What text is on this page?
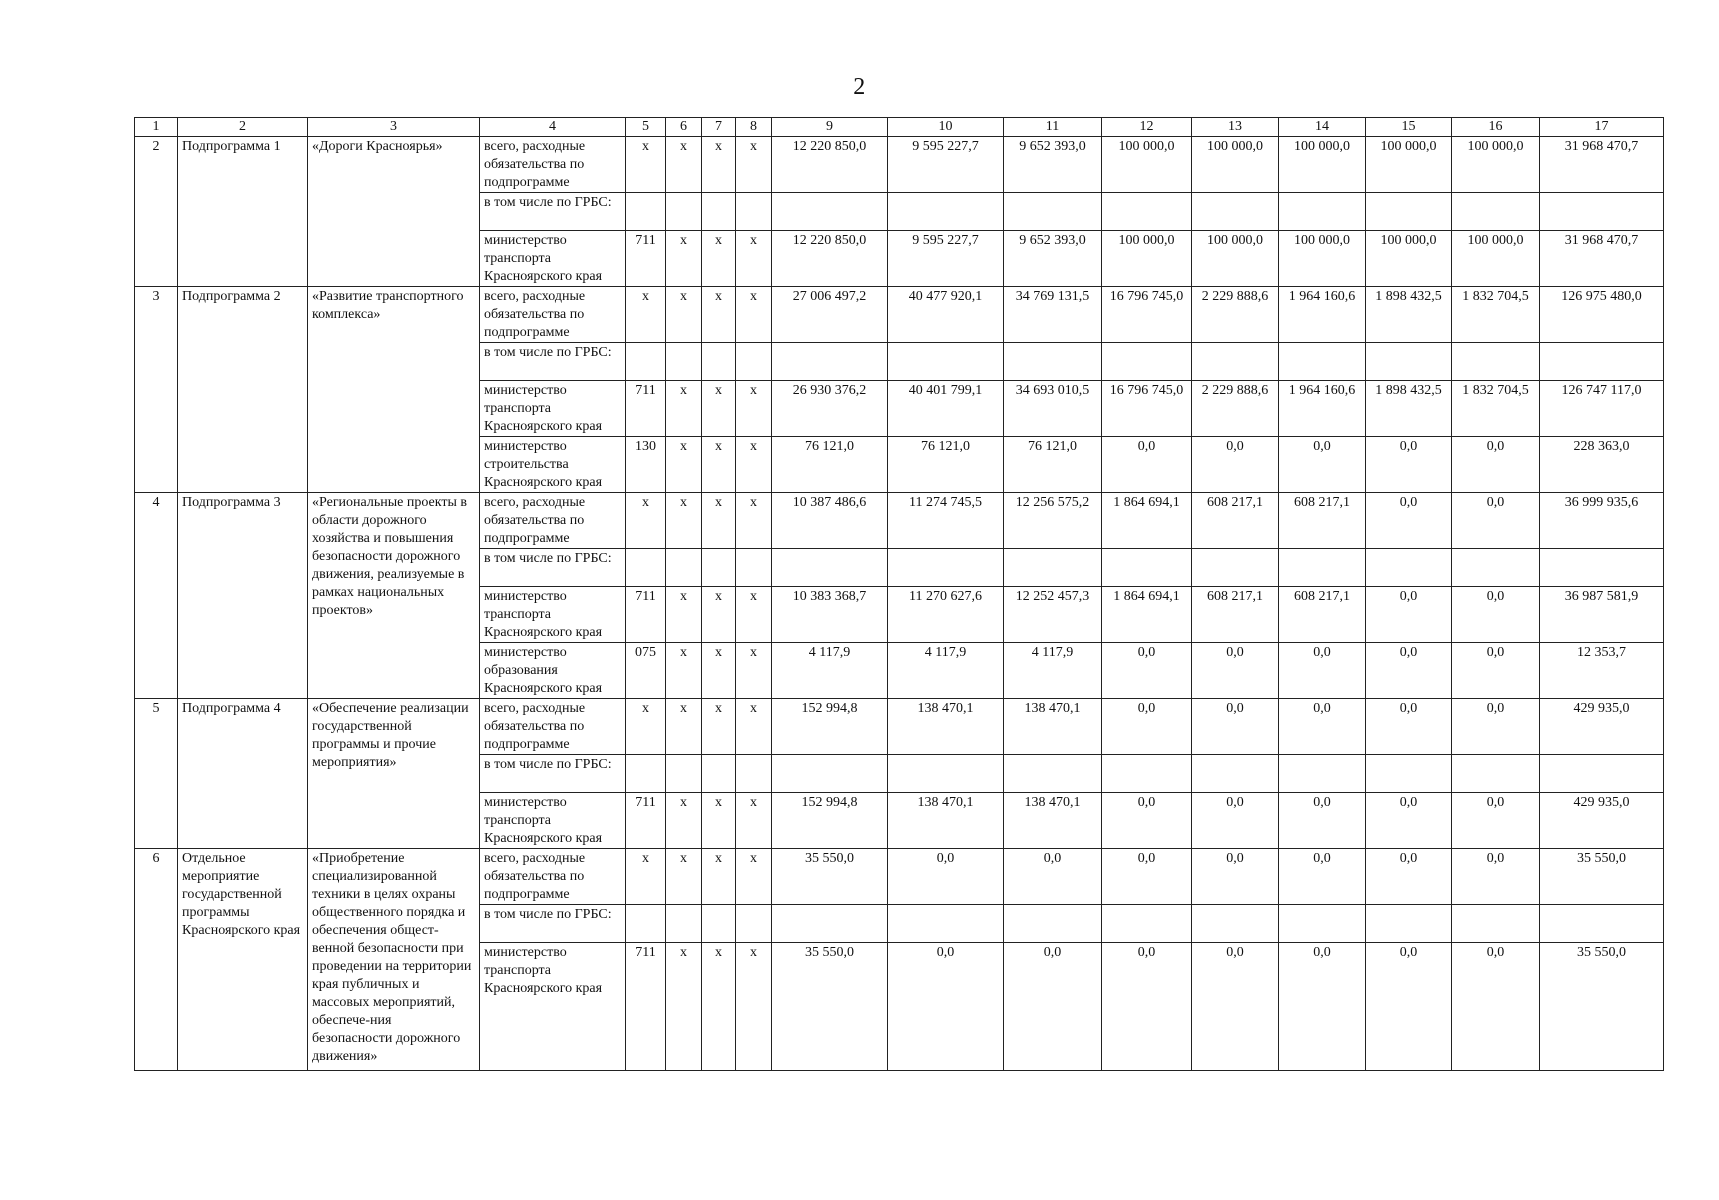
2
1	2	3	4	5	6	7	8	9	10	11	12	13	14	15	16	17
2	Подпрограмма 1	«Дороги Красноярья»	всего, расходные обязательства по подпрограмме	х	х	х	х	12 220 850,0	9 595 227,7	9 652 393,0	100 000,0	100 000,0	100 000,0	100 000,0	100 000,0	31 968 470,7
			в том числе по ГРБС:													
			министерство транспорта Красноярского края	711	х	х	х	12 220 850,0	9 595 227,7	9 652 393,0	100 000,0	100 000,0	100 000,0	100 000,0	100 000,0	31 968 470,7
3	Подпрограмма 2	«Развитие транспортного комплекса»	всего, расходные обязательства по подпрограмме	х	х	х	х	27 006 497,2	40 477 920,1	34 769 131,5	16 796 745,0	2 229 888,6	1 964 160,6	1 898 432,5	1 832 704,5	126 975 480,0
			в том числе по ГРБС:													
			министерство транспорта Красноярского края	711	х	х	х	26 930 376,2	40 401 799,1	34 693 010,5	16 796 745,0	2 229 888,6	1 964 160,6	1 898 432,5	1 832 704,5	126 747 117,0
			министерство строительства Красноярского края	130	х	х	х	76 121,0	76 121,0	76 121,0	0,0	0,0	0,0	0,0	0,0	228 363,0
4	Подпрограмма 3	«Региональные проекты в области дорожного хозяйства и повышения безопасности дорожного движения, реализуемые в рамках национальных проектов»	всего, расходные обязательства по подпрограмме	х	х	х	х	10 387 486,6	11 274 745,5	12 256 575,2	1 864 694,1	608 217,1	608 217,1	0,0	0,0	36 999 935,6
			в том числе по ГРБС:													
			министерство транспорта Красноярского края	711	х	х	х	10 383 368,7	11 270 627,6	12 252 457,3	1 864 694,1	608 217,1	608 217,1	0,0	0,0	36 987 581,9
			министерство образования Красноярского края	075	х	х	х	4 117,9	4 117,9	4 117,9	0,0	0,0	0,0	0,0	0,0	12 353,7
5	Подпрограмма 4	«Обеспечение реализации государственной программы и прочие мероприятия»	всего, расходные обязательства по подпрограмме	х	х	х	х	152 994,8	138 470,1	138 470,1	0,0	0,0	0,0	0,0	0,0	429 935,0
			в том числе по ГРБС:													
			министерство транспорта Красноярского края	711	х	х	х	152 994,8	138 470,1	138 470,1	0,0	0,0	0,0	0,0	0,0	429 935,0
6	Отдельное мероприятие государственной программы Красноярского края	«Приобретение специализированной техники в целях охраны общественного порядка и обеспечения общест-венной безопасности при проведении на территории края публичных и массовых мероприятий, обеспече-ния безопасности дорожного движения»	всего, расходные обязательства по подпрограмме	х	х	х	х	35 550,0	0,0	0,0	0,0	0,0	0,0	0,0	0,0	35 550,0
			в том числе по ГРБС:													
			министерство транспорта Красноярского края	711	х	х	х	35 550,0	0,0	0,0	0,0	0,0	0,0	0,0	0,0	35 550,0
